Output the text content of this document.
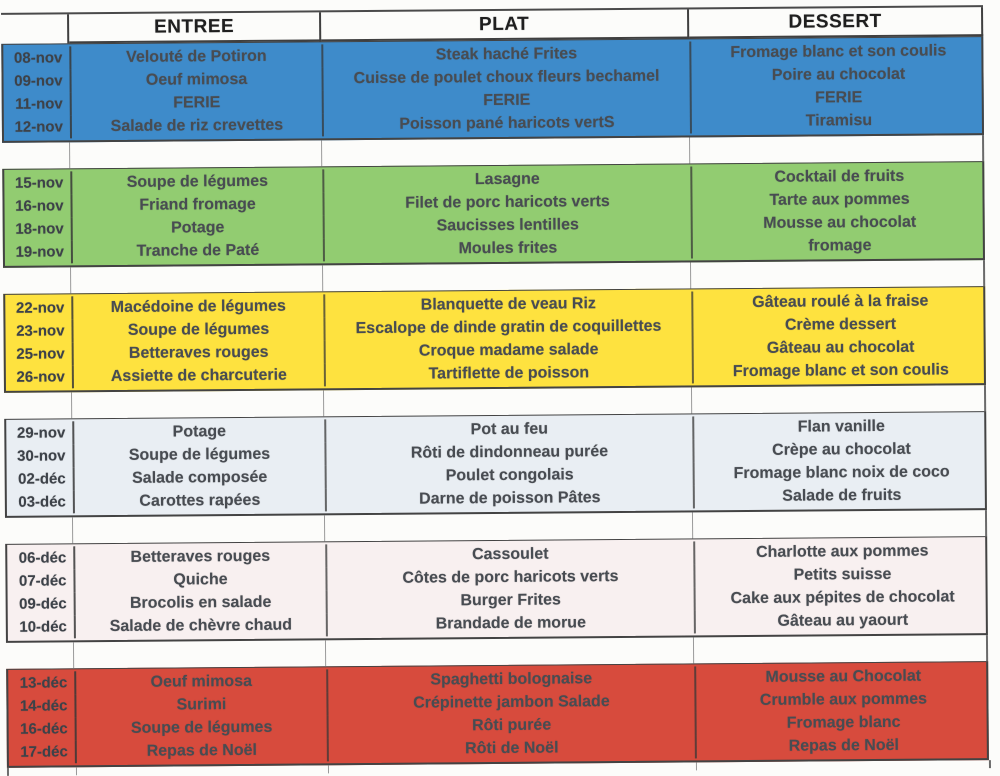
ENTREE	PLAT	DESSERT
08-nov	Velouté de Potiron	Steak haché Frites	Fromage blanc et son coulis
09-nov	Oeuf mimosa	Cuisse de poulet choux fleurs bechamel	Poire au chocolat
11-nov	FERIE	FERIE	FERIE
12-nov	Salade de riz crevettes	Poisson pané haricots vertS	Tiramisu
15-nov	Soupe de légumes	Lasagne	Cocktail de fruits
16-nov	Friand fromage	Filet de porc haricots verts	Tarte aux pommes
18-nov	Potage	Saucisses lentilles	Mousse au chocolat
19-nov	Tranche de Paté	Moules frites	fromage
22-nov	Macédoine de légumes	Blanquette de veau Riz	Gâteau roulé à la fraise
23-nov	Soupe de légumes	Escalope de dinde gratin de coquillettes	Crème dessert
25-nov	Betteraves rouges	Croque madame salade	Gâteau au chocolat
26-nov	Assiette de charcuterie	Tartiflette de poisson	Fromage blanc et son coulis
29-nov	Potage	Pot au feu	Flan vanille
30-nov	Soupe de légumes	Rôti de dindonneau purée	Crèpe au chocolat
02-déc	Salade composée	Poulet congolais	Fromage blanc noix de coco
03-déc	Carottes rapées	Darne de poisson Pâtes	Salade de fruits
06-déc	Betteraves rouges	Cassoulet	Charlotte aux pommes
07-déc	Quiche	Côtes de porc haricots verts	Petits suisse
09-déc	Brocolis en salade	Burger Frites	Cake aux pépites de chocolat
10-déc	Salade de chèvre chaud	Brandade de morue	Gâteau au yaourt
13-déc	Oeuf mimosa	Spaghetti bolognaise	Mousse au Chocolat
14-déc	Surimi	Crépinette jambon Salade	Crumble aux pommes
16-déc	Soupe de légumes	Rôti purée	Fromage blanc
17-déc	Repas de Noël	Rôti de Noël	Repas de Noël
